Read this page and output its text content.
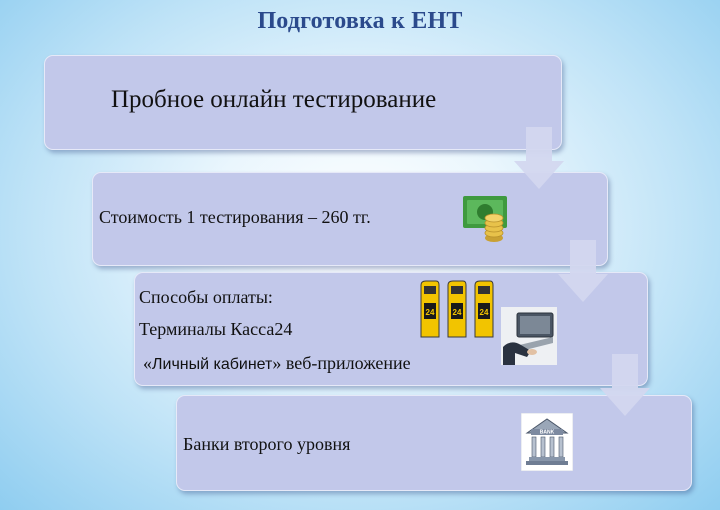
Подготовка к ЕНТ
Пробное онлайн тестирование
Стоимость 1 тестирования – 260 тг.
Способы оплаты:
Терминалы Касса24
«Личный кабинет» веб-приложение
24 24 24
Банки второго уровня
BANK
